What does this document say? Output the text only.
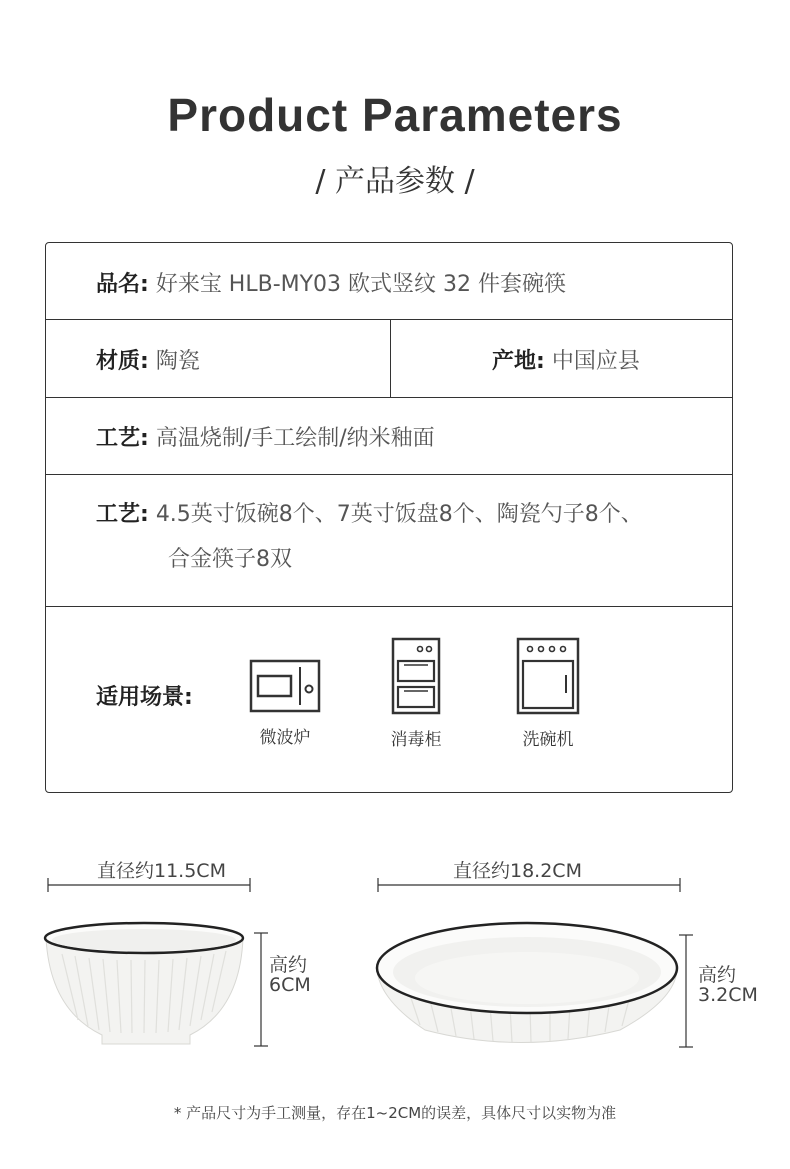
Product Parameters
/ 产品参数 /
品名: 好来宝 HLB-MY03 欧式竖纹 32 件套碗筷
材质: 陶瓷	产地: 中国应县
工艺: 高温烧制/手工绘制/纳米釉面
工艺: 4.5英寸饭碗8个、7英寸饭盘8个、陶瓷勺子8个、
合金筷子8双
适用场景:
微波炉	消毒柜	洗碗机
直径约11.5CM	直径约18.2CM
高约
6CM	高约
3.2CM
* 产品尺寸为手工测量，存在1~2CM的误差，具体尺寸以实物为准
